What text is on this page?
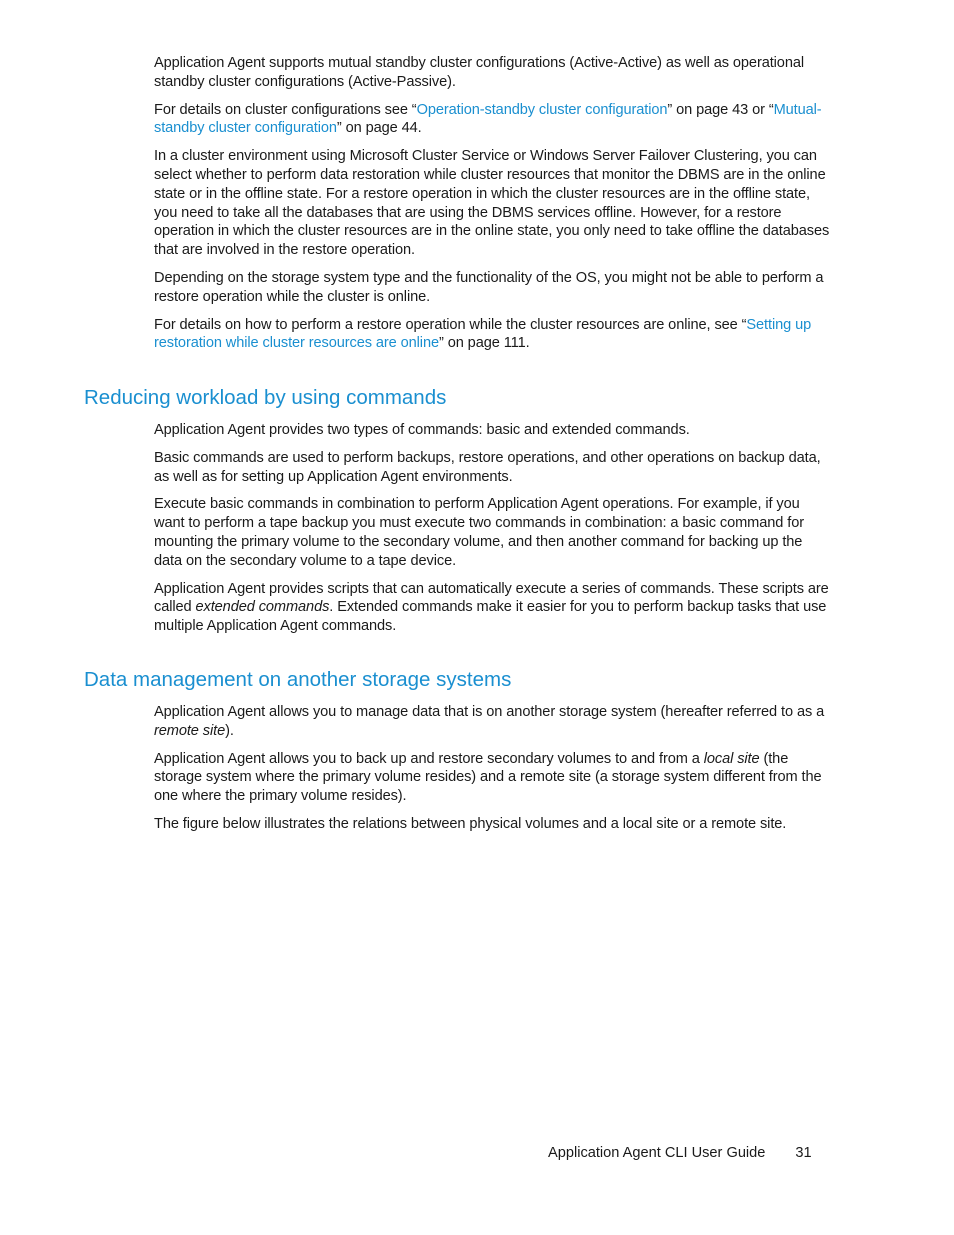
Application Agent supports mutual standby cluster configurations (Active-Active) as well as operational standby cluster configurations (Active-Passive).

For details on cluster configurations see “Operation-standby cluster configuration” on page 43 or “Mutual-standby cluster configuration” on page 44.

In a cluster environment using Microsoft Cluster Service or Windows Server Failover Clustering, you can select whether to perform data restoration while cluster resources that monitor the DBMS are in the online state or in the offline state. For a restore operation in which the cluster resources are in the offline state, you need to take all the databases that are using the DBMS services offline. However, for a restore operation in which the cluster resources are in the online state, you only need to take offline the databases that are involved in the restore operation.

Depending on the storage system type and the functionality of the OS, you might not be able to perform a restore operation while the cluster is online.

For details on how to perform a restore operation while the cluster resources are online, see “Setting up restoration while cluster resources are online” on page 111.

Reducing workload by using commands

Application Agent provides two types of commands: basic and extended commands.

Basic commands are used to perform backups, restore operations, and other operations on backup data, as well as for setting up Application Agent environments.

Execute basic commands in combination to perform Application Agent operations. For example, if you want to perform a tape backup you must execute two commands in combination: a basic command for mounting the primary volume to the secondary volume, and then another command for backing up the data on the secondary volume to a tape device.

Application Agent provides scripts that can automatically execute a series of commands. These scripts are called extended commands. Extended commands make it easier for you to perform backup tasks that use multiple Application Agent commands.

Data management on another storage systems

Application Agent allows you to manage data that is on another storage system (hereafter referred to as a remote site).

Application Agent allows you to back up and restore secondary volumes to and from a local site (the storage system where the primary volume resides) and a remote site (a storage system different from the one where the primary volume resides).

The figure below illustrates the relations between physical volumes and a local site or a remote site.

Application Agent CLI User Guide 31
